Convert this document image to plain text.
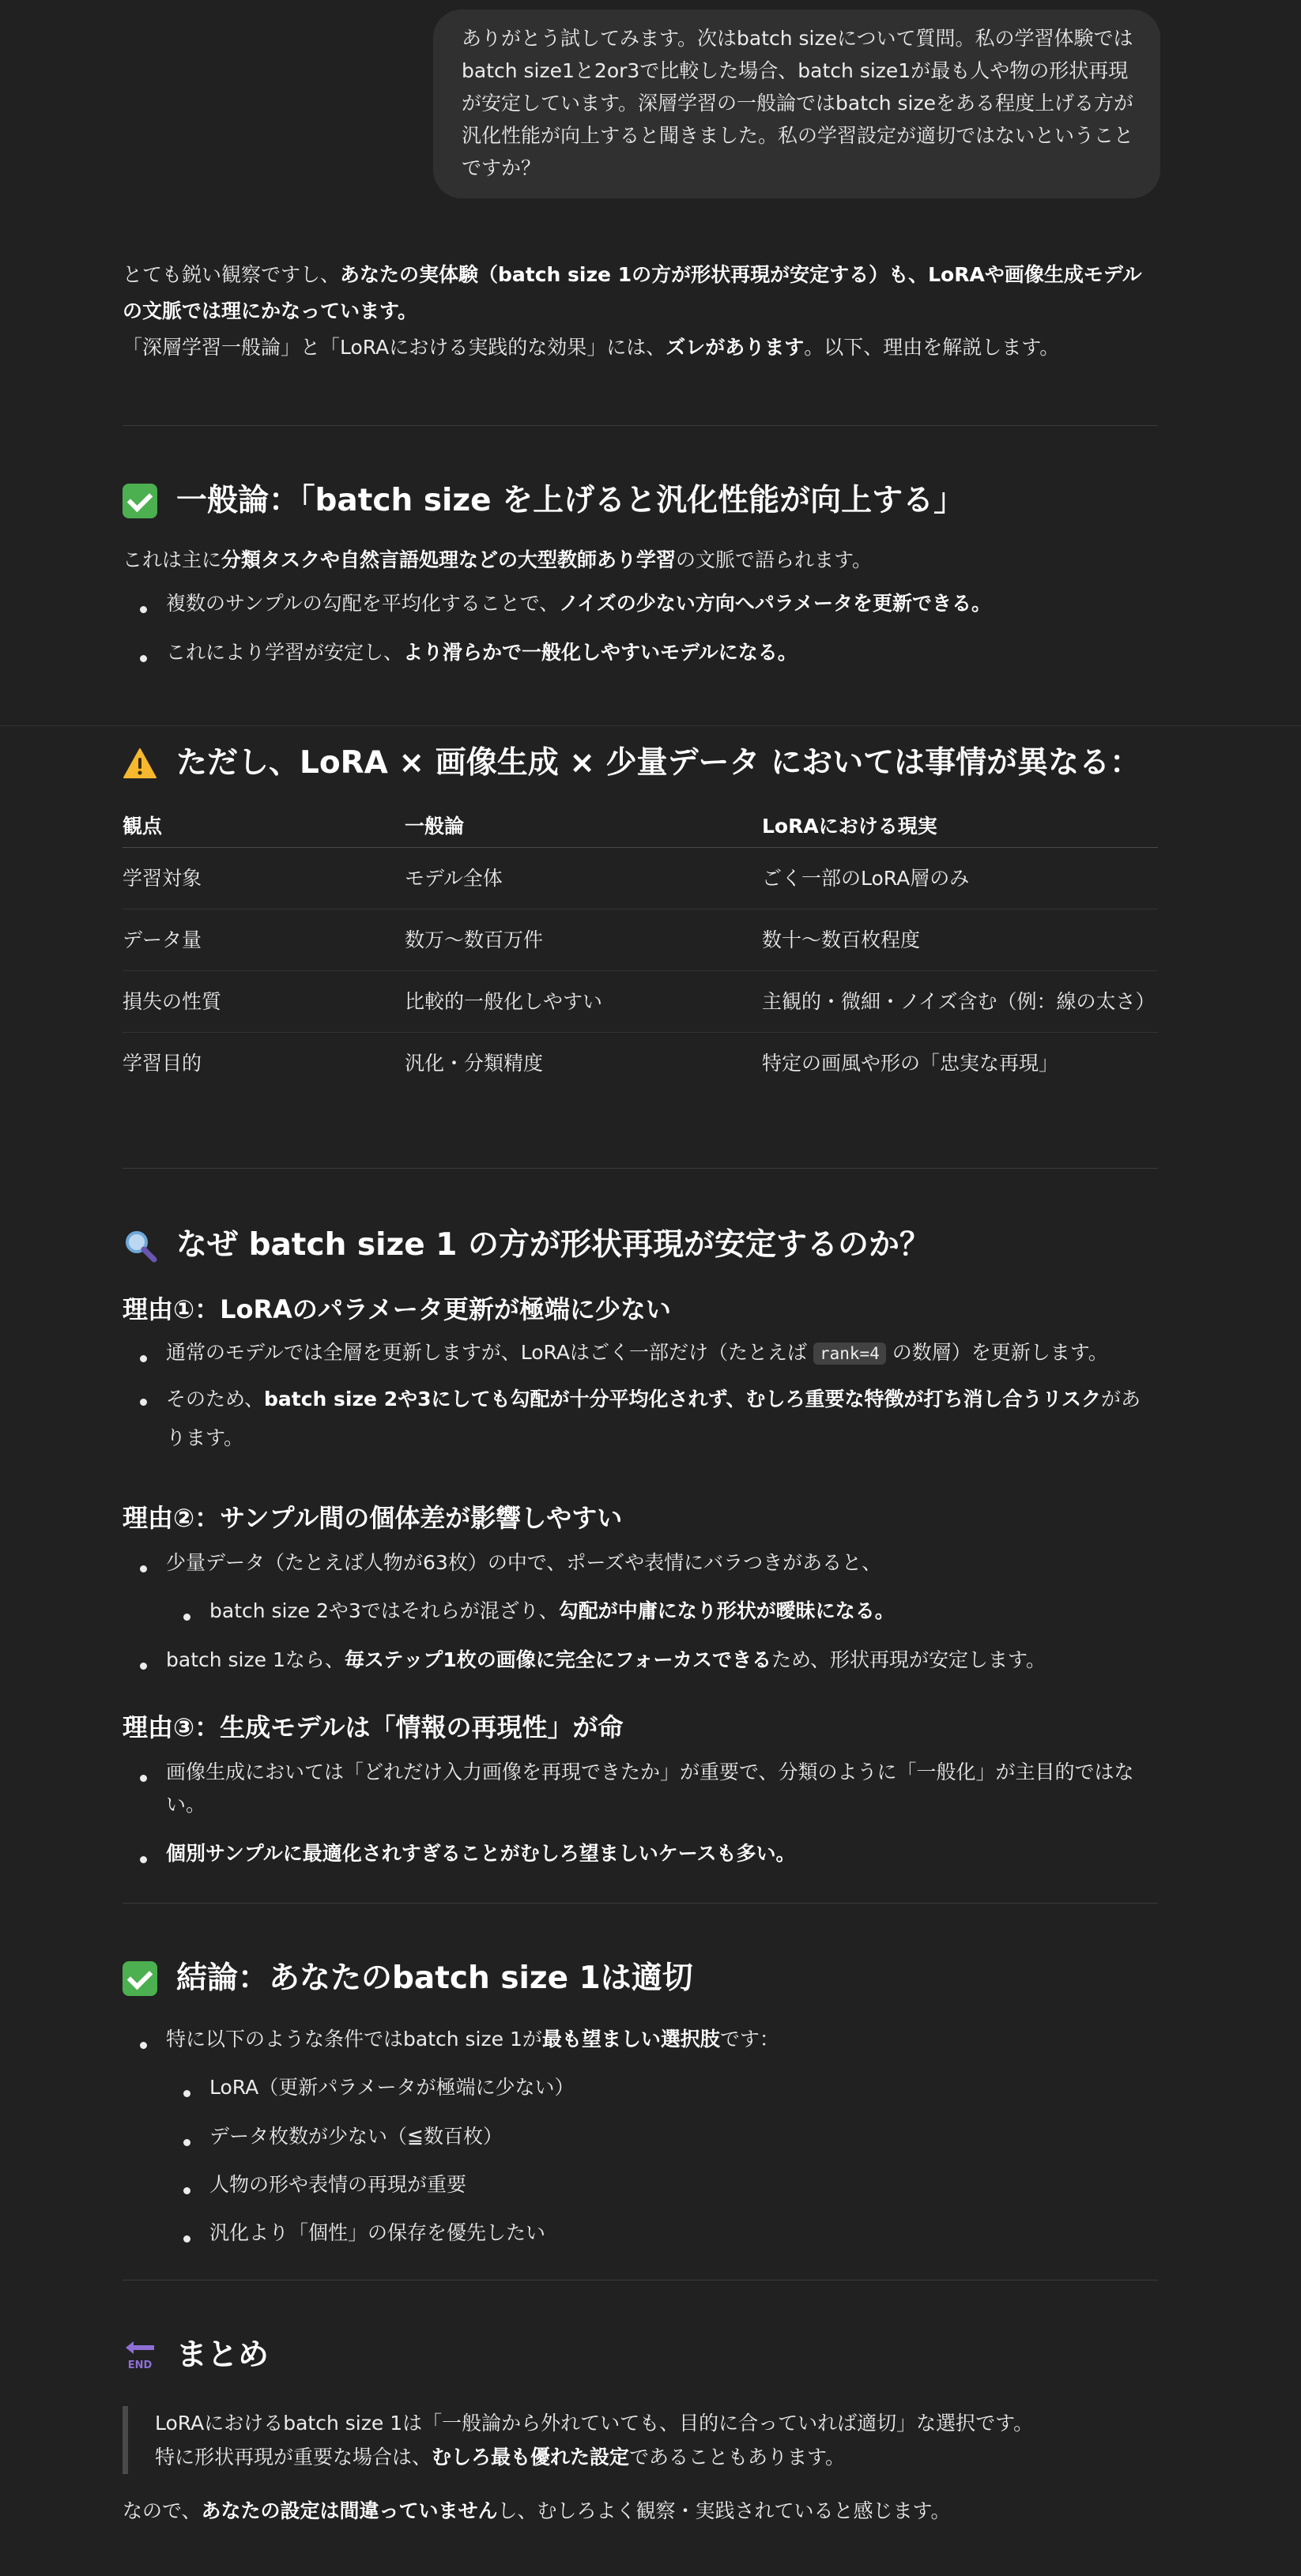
ありがとう試してみます。次はbatch sizeについて質問。私の学習体験ではbatch size1と2or3で比較した場合、batch size1が最も人や物の形状再現が安定しています。深層学習の一般論ではbatch sizeをある程度上げる方が汎化性能が向上すると聞きました。私の学習設定が適切ではないということですか？

とても鋭い観察ですし、あなたの実体験（batch size 1の方が形状再現が安定する）も、LoRAや画像生成モデルの文脈では理にかなっています。

「深層学習一般論」と「LoRAにおける実践的な効果」には、ズレがあります。以下、理由を解説します。

一般論：「batch size を上げると汎化性能が向上する」

これは主に分類タスクや自然言語処理などの大型教師あり学習の文脈で語られます。

複数のサンプルの勾配を平均化することで、ノイズの少ない方向へパラメータを更新できる。
これにより学習が安定し、より滑らかで一般化しやすいモデルになる。
ただし、LoRA × 画像生成 × 少量データ においては事情が異なる：
観点	一般論	LoRAにおける現実
学習対象	モデル全体	ごく一部のLoRA層のみ
データ量	数万〜数百万件	数十〜数百枚程度
損失の性質	比較的一般化しやすい	主観的・微細・ノイズ含む（例：線の太さ）
学習目的	汎化・分類精度	特定の画風や形の「忠実な再現」
なぜ batch size 1 の方が形状再現が安定するのか？
理由①：LoRAのパラメータ更新が極端に少ない
通常のモデルでは全層を更新しますが、LoRAはごく一部だけ（たとえば rank=4 の数層）を更新します。
そのため、batch size 2や3にしても勾配が十分平均化されず、むしろ重要な特徴が打ち消し合うリスクがあります。
理由②：サンプル間の個体差が影響しやすい
少量データ（たとえば人物が63枚）の中で、ポーズや表情にバラつきがあると、
batch size 2や3ではそれらが混ざり、勾配が中庸になり形状が曖昧になる。
batch size 1なら、毎ステップ1枚の画像に完全にフォーカスできるため、形状再現が安定します。
理由③：生成モデルは「情報の再現性」が命
画像生成においては「どれだけ入力画像を再現できたか」が重要で、分類のように「一般化」が主目的ではない。
個別サンプルに最適化されすぎることがむしろ望ましいケースも多い。
結論：あなたのbatch size 1は適切
特に以下のような条件ではbatch size 1が最も望ましい選択肢です：
LoRA（更新パラメータが極端に少ない）
データ枚数が少ない（≦数百枚）
人物の形や表情の再現が重要
汎化より「個性」の保存を優先したい
END まとめ
LoRAにおけるbatch size 1は「一般論から外れていても、目的に合っていれば適切」な選択です。
特に形状再現が重要な場合は、むしろ最も優れた設定であることもあります。

なので、あなたの設定は間違っていませんし、むしろよく観察・実践されていると感じます。
